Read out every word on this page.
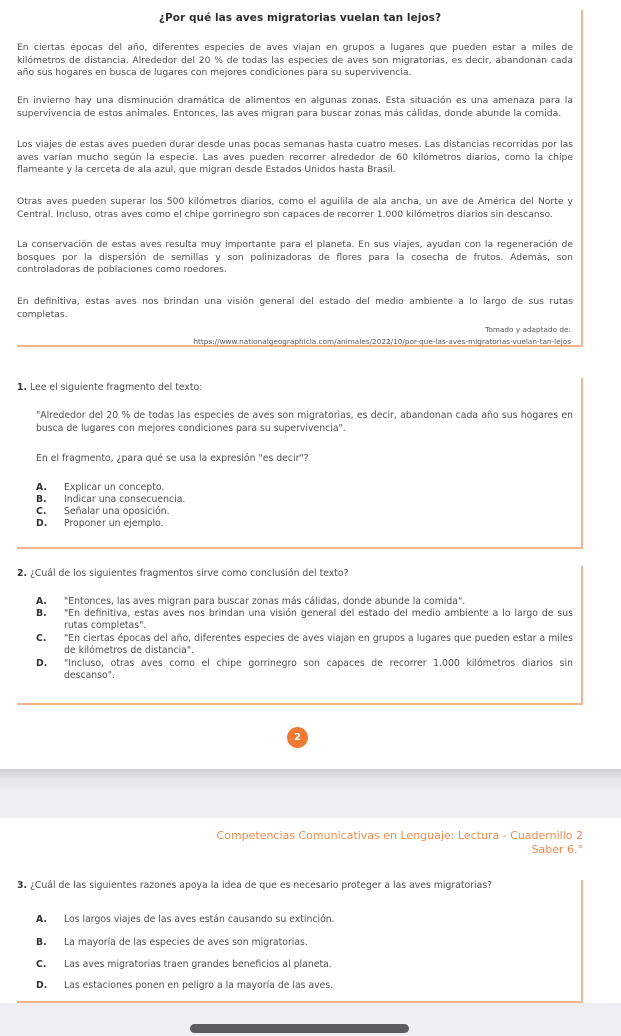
¿Por qué las aves migratorias vuelan tan lejos?

En ciertas épocas del año, diferentes especies de aves viajan en grupos a lugares que pueden estar a miles de kilómetros de distancia. Alrededor del 20 % de todas las especies de aves son migratorias, es decir, abandonan cada año sus hogares en busca de lugares con mejores condiciones para su supervivencia.

En invierno hay una disminución dramática de alimentos en algunas zonas. Esta situación es una amenaza para la supervivencia de estos animales. Entonces, las aves migran para buscar zonas más cálidas, donde abunde la comida.

Los viajes de estas aves pueden durar desde unas pocas semanas hasta cuatro meses. Las distancias recorridas por las aves varían mucho según la especie. Las aves pueden recorrer alrededor de 60 kilómetros diarios, como la chipe flameante y la cerceta de ala azul, que migran desde Estados Unidos hasta Brasil.

Otras aves pueden superar los 500 kilómetros diarios, como el aguilila de ala ancha, un ave de América del Norte y Central. Incluso, otras aves como el chipe gorrinegro son capaces de recorrer 1.000 kilómetros diarios sin descanso.

La conservación de estas aves resulta muy importante para el planeta. En sus viajes, ayudan con la regeneración de bosques por la dispersión de semillas y son polinizadoras de flores para la cosecha de frutos. Además, son controladoras de poblaciones como roedores.

En definitiva, estas aves nos brindan una visión general del estado del medio ambiente a lo largo de sus rutas completas.

Tomado y adaptado de:
https://www.nationalgeographicla.com/animales/2022/10/por-que-las-aves-migratorias-vuelan-tan-lejos
1. Lee el siguiente fragmento del texto:

"Alrededor del 20 % de todas las especies de aves son migratorias, es decir, abandonan cada año sus hogares en busca de lugares con mejores condiciones para su supervivencia".

En el fragmento, ¿para qué se usa la expresión "es decir"?

A.	Explicar un concepto.
B.	Indicar una consecuencia.
C.	Señalar una oposición.
D.	Proponer un ejemplo.
2. ¿Cuál de los siguientes fragmentos sirve como conclusión del texto?
A.	"Entonces, las aves migran para buscar zonas más cálidas, donde abunde la comida".
B.	"En definitiva, estas aves nos brindan una visión general del estado del medio ambiente a lo largo de sus rutas completas".
C.	"En ciertas épocas del año, diferentes especies de aves viajan en grupos a lugares que pueden estar a miles de kilómetros de distancia".
D.	"Incluso, otras aves como el chipe gorrinegro son capaces de recorrer 1.000 kilómetros diarios sin descanso".
2
Competencias Comunicativas en Lenguaje: Lectura - Cuadernillo 2
Saber 6.°
3. ¿Cuál de las siguientes razones apoya la idea de que es necesario proteger a las aves migratorias?
A.	Los largos viajes de las aves están causando su extinción.
B.	La mayoría de las especies de aves son migratorias.
C.	Las aves migratorias traen grandes beneficios al planeta.
D.	Las estaciones ponen en peligro a la mayoría de las aves.
